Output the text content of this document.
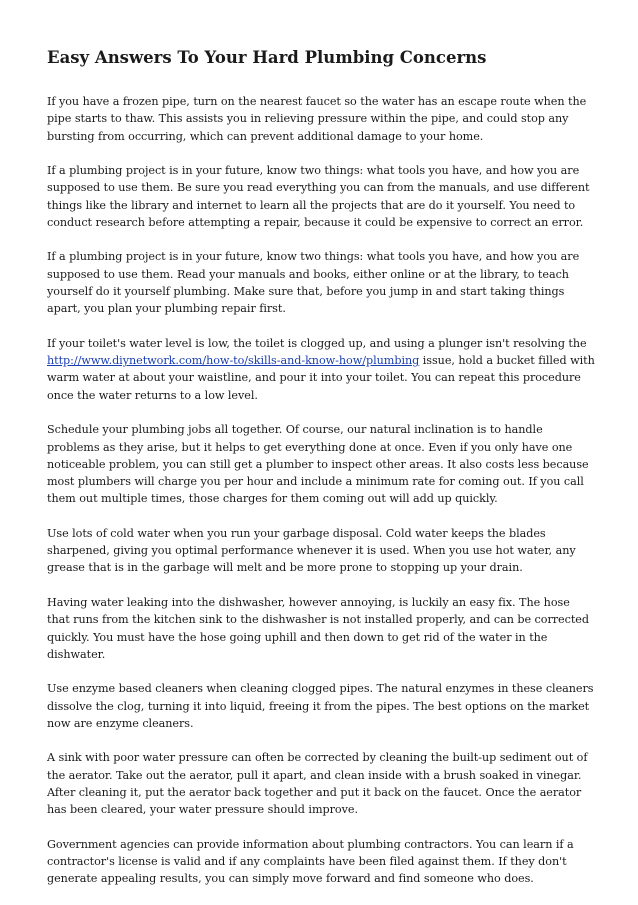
Easy Answers To Your Hard Plumbing Concerns

If you have a frozen pipe, turn on the nearest faucet so the water has an escape route when the pipe starts to thaw. This assists you in relieving pressure within the pipe, and could stop any bursting from occurring, which can prevent additional damage to your home.

If a plumbing project is in your future, know two things: what tools you have, and how you are supposed to use them. Be sure you read everything you can from the manuals, and use different things like the library and internet to learn all the projects that are do it yourself. You need to conduct research before attempting a repair, because it could be expensive to correct an error.

If a plumbing project is in your future, know two things: what tools you have, and how you are supposed to use them. Read your manuals and books, either online or at the library, to teach yourself do it yourself plumbing. Make sure that, before you jump in and start taking things apart, you plan your plumbing repair first.

If your toilet's water level is low, the toilet is clogged up, and using a plunger isn't resolving the http://www.diynetwork.com/how-to/skills-and-know-how/plumbing issue, hold a bucket filled with warm water at about your waistline, and pour it into your toilet. You can repeat this procedure once the water returns to a low level.

Schedule your plumbing jobs all together. Of course, our natural inclination is to handle problems as they arise, but it helps to get everything done at once. Even if you only have one noticeable problem, you can still get a plumber to inspect other areas. It also costs less because most plumbers will charge you per hour and include a minimum rate for coming out. If you call them out multiple times, those charges for them coming out will add up quickly.

Use lots of cold water when you run your garbage disposal. Cold water keeps the blades sharpened, giving you optimal performance whenever it is used. When you use hot water, any grease that is in the garbage will melt and be more prone to stopping up your drain.

Having water leaking into the dishwasher, however annoying, is luckily an easy fix. The hose that runs from the kitchen sink to the dishwasher is not installed properly, and can be corrected quickly. You must have the hose going uphill and then down to get rid of the water in the dishwater.

Use enzyme based cleaners when cleaning clogged pipes. The natural enzymes in these cleaners dissolve the clog, turning it into liquid, freeing it from the pipes. The best options on the market now are enzyme cleaners.

A sink with poor water pressure can often be corrected by cleaning the built-up sediment out of the aerator. Take out the aerator, pull it apart, and clean inside with a brush soaked in vinegar. After cleaning it, put the aerator back together and put it back on the faucet. Once the aerator has been cleared, your water pressure should improve.

Government agencies can provide information about plumbing contractors. You can learn if a contractor's license is valid and if any complaints have been filed against them. If they don't generate appealing results, you can simply move forward and find someone who does.
